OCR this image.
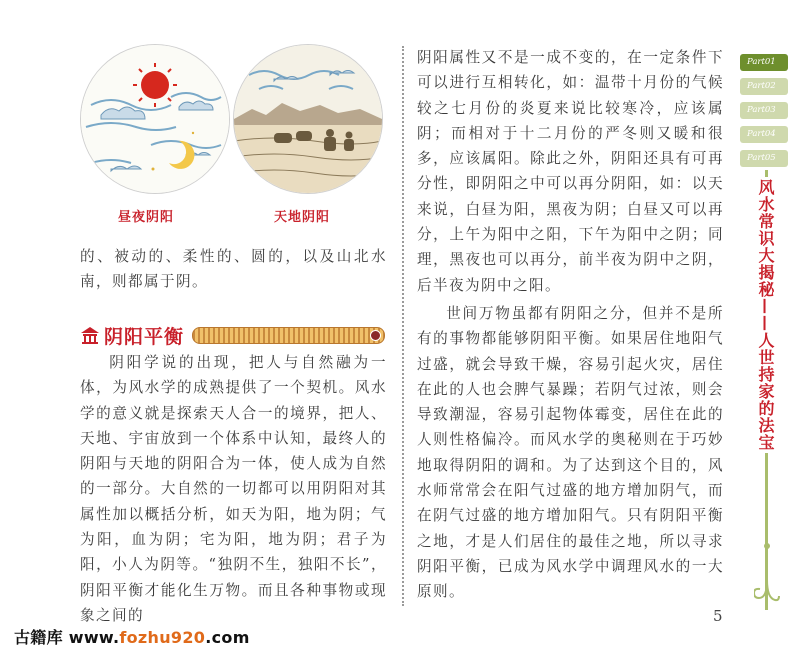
昼夜阴阳	天地阴阳

的、被动的、柔性的、圆的，以及山北水南，则都属于阴。

阴阳平衡

阴阳学说的出现，把人与自然融为一体，为风水学的成熟提供了一个契机。风水学的意义就是探索天人合一的境界，把人、天地、宇宙放到一个体系中认知，最终人的阴阳与天地的阴阳合为一体，使人成为自然的一部分。大自然的一切都可以用阴阳对其属性加以概括分析，如天为阳，地为阴；气为阳，血为阴；宅为阳，地为阴；君子为阳，小人为阴等。“独阴不生，独阳不长”，阴阳平衡才能化生万物。而且各种事物或现象之间的

阴阳属性又不是一成不变的，在一定条件下可以进行互相转化，如：温带十月份的气候较之七月份的炎夏来说比较寒冷，应该属阴；而相对于十二月份的严冬则又暖和很多，应该属阳。除此之外，阴阳还具有可再分性，即阴阳之中可以再分阴阳，如：以天来说，白昼为阳，黑夜为阴；白昼又可以再分，上午为阳中之阳，下午为阳中之阴；同理，黑夜也可以再分，前半夜为阴中之阴，后半夜为阴中之阳。

世间万物虽都有阴阳之分，但并不是所有的事物都能够阴阳平衡。如果居住地阳气过盛，就会导致干燥，容易引起火灾，居住在此的人也会脾气暴躁；若阴气过浓，则会导致潮湿，容易引起物体霉变，居住在此的人则性格偏冷。而风水学的奥秘则在于巧妙地取得阴阳的调和。为了达到这个目的，风水师常常会在阳气过盛的地方增加阴气，而在阴气过盛的地方增加阳气。只有阴阳平衡之地，才是人们居住的最佳之地，所以寻求阴阳平衡，已成为风水学中调理风水的一大原则。

Part01
Part02
Part03
Part04
Part05
风水常识大揭秘——人世持家的法宝
5
古籍库 www.fozhu920.com
